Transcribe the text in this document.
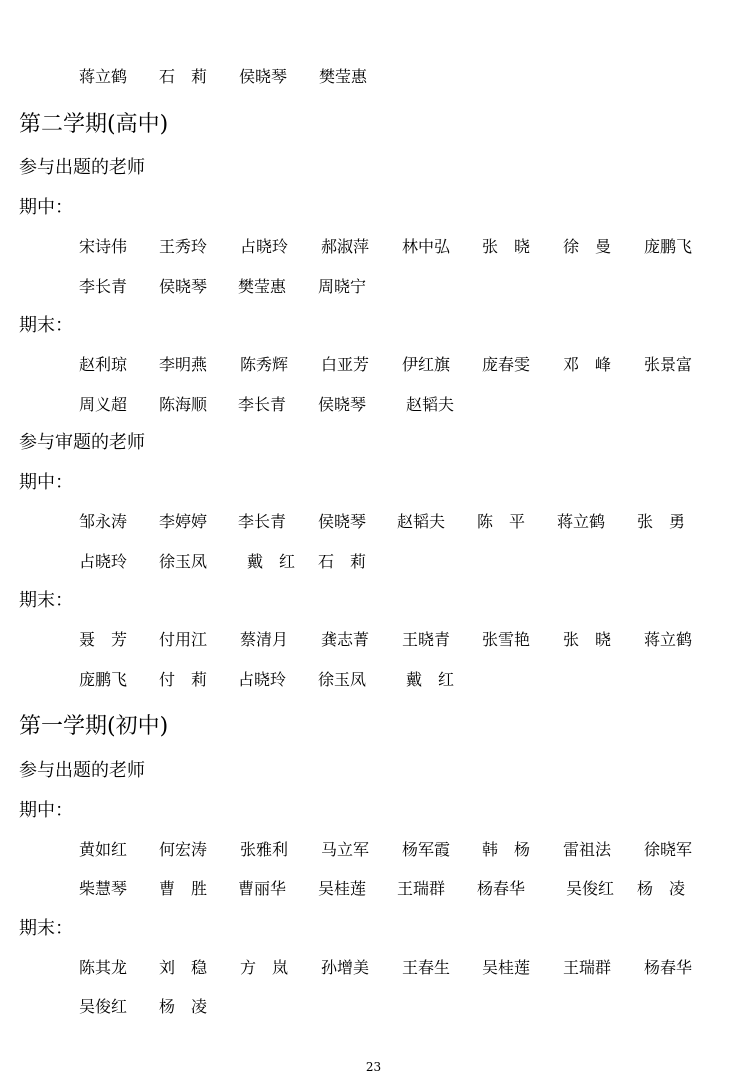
蒋立鹤 石　莉 侯晓琴 樊莹惠
第二学期(高中)
参与出题的老师
期中：
宋诗伟 王秀玲 占晓玲 郝淑萍 林中弘 张　晓 徐　曼 庞鹏飞
李长青 侯晓琴 樊莹惠 周晓宁
期末：
赵利琼 李明燕 陈秀辉 白亚芳 伊红旗 庞春雯 邓　峰 张景富
周义超 陈海顺 李长青 侯晓琴 赵韬夫
参与审题的老师
期中：
邹永涛 李婷婷 李长青 侯晓琴 赵韬夫 陈　平 蒋立鹤 张　勇
占晓玲 徐玉凤 戴　红 石　莉
期末：
聂　芳 付用江 蔡清月 龚志菁 王晓青 张雪艳 张　晓 蒋立鹤
庞鹏飞 付　莉 占晓玲 徐玉凤 戴　红
第一学期(初中)
参与出题的老师
期中：
黄如红 何宏涛 张雅利 马立军 杨军霞 韩　杨 雷祖法 徐晓军
柴慧琴 曹　胜 曹丽华 吴桂莲 王瑞群 杨春华	吴俊红 杨　凌
期末：
陈其龙 刘　稳 方　岚 孙增美 王春生 吴桂莲 王瑞群 杨春华
吴俊红 杨　凌
23
